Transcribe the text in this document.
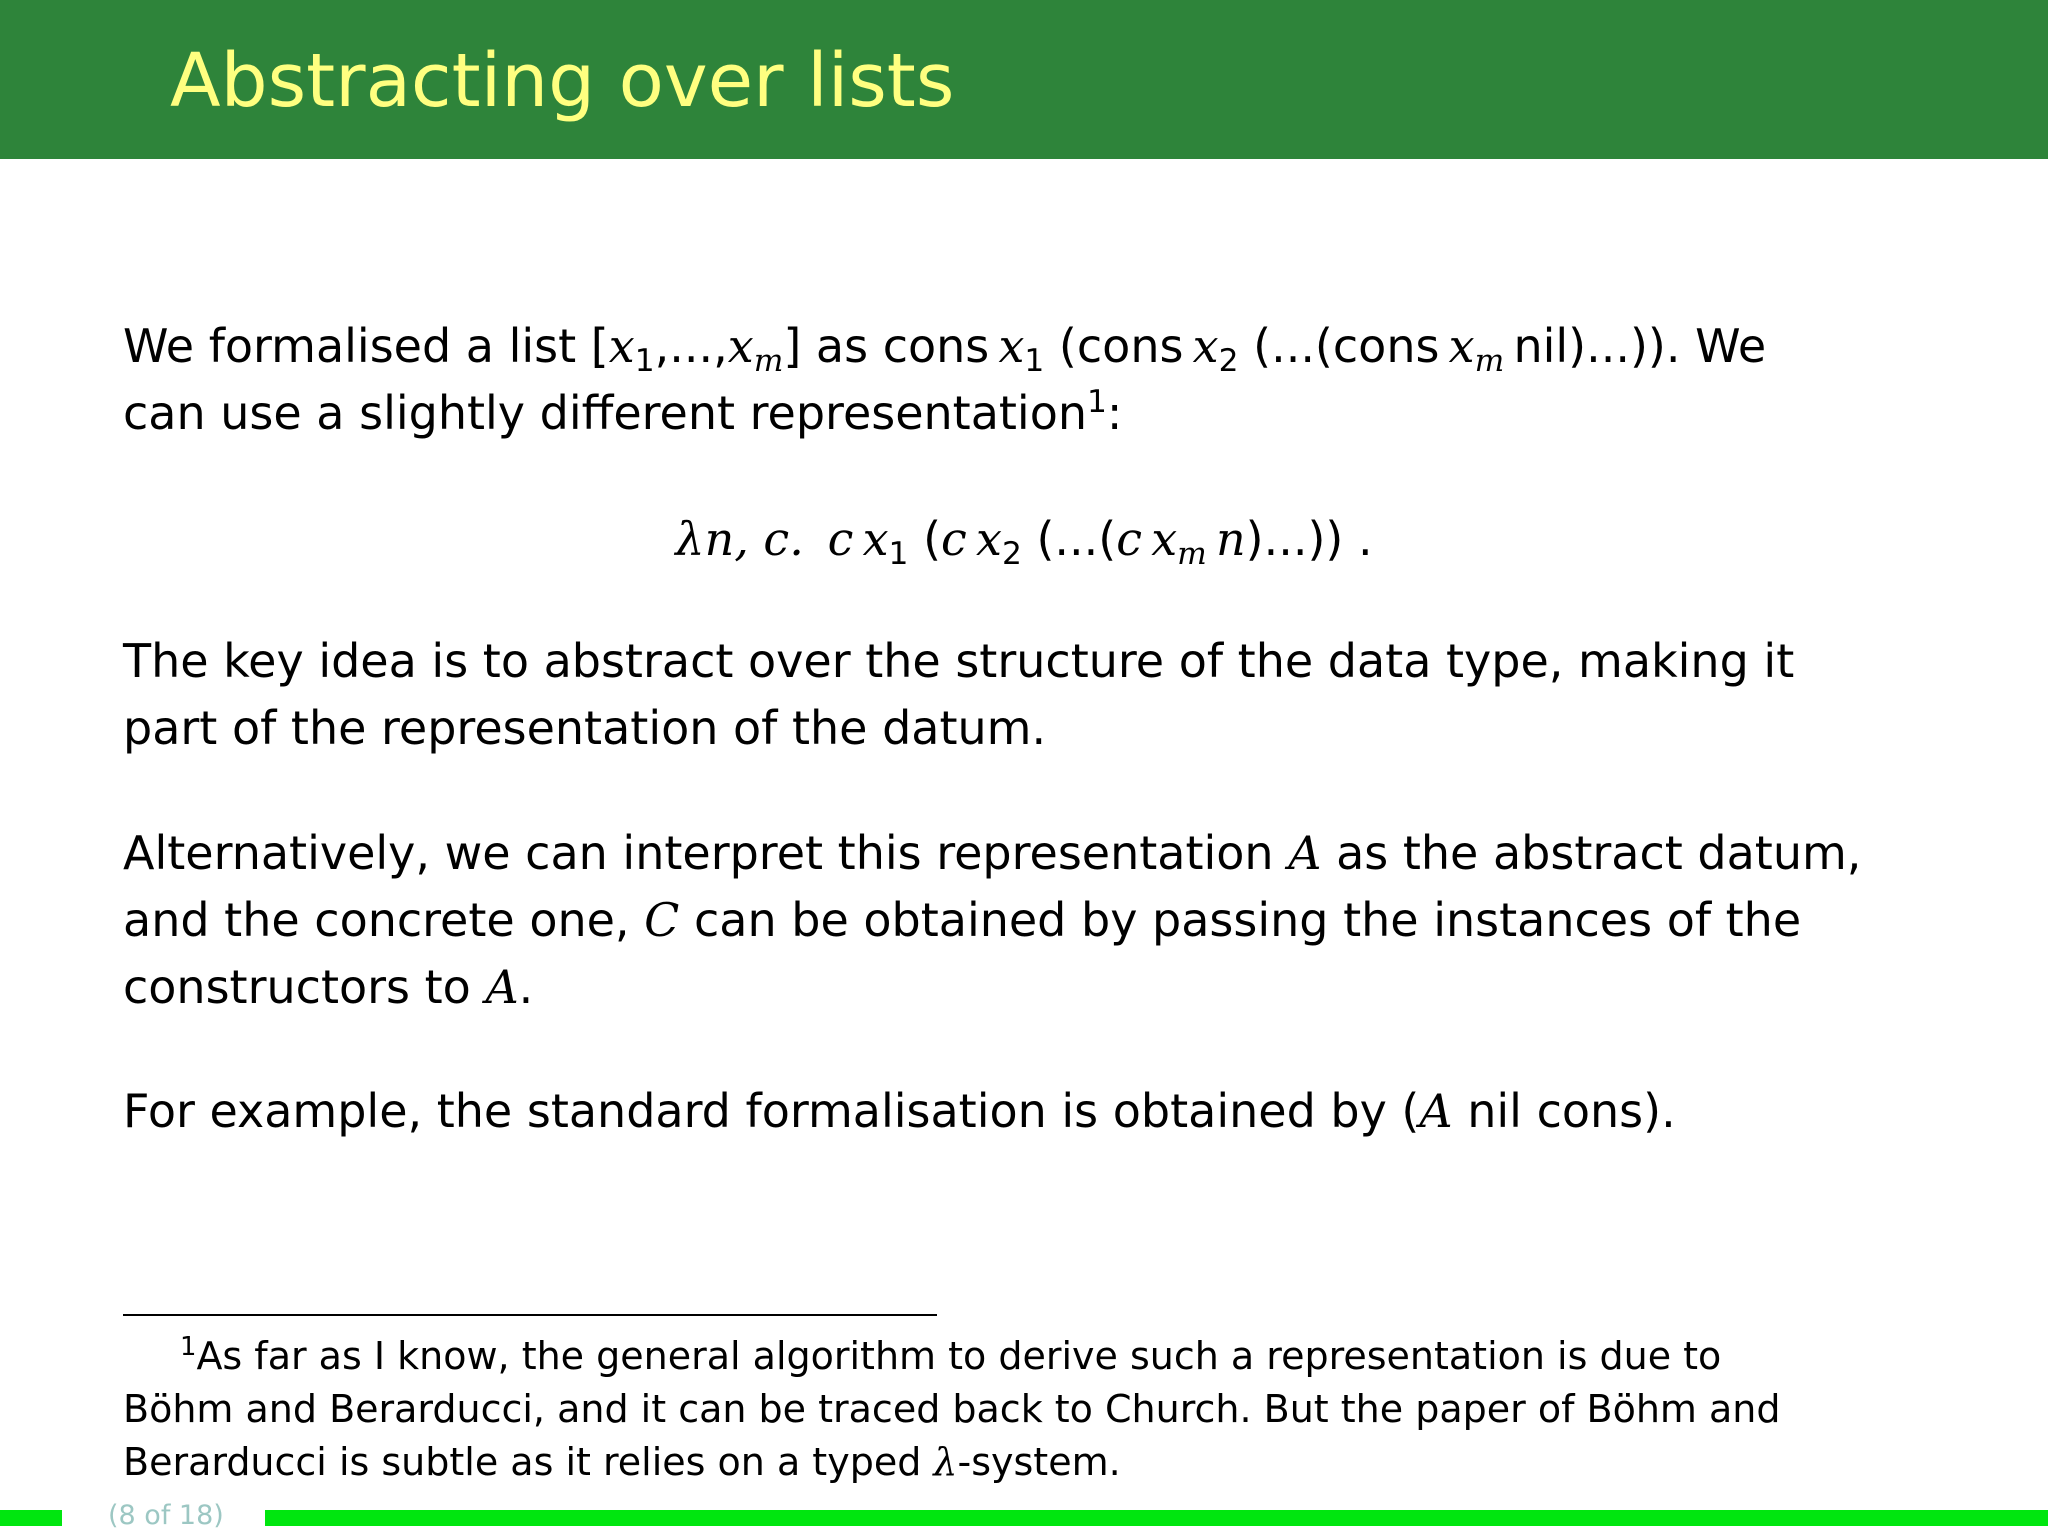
Abstracting over lists
We formalised a list $[x_1,...,x_m]$ as cons  $x_1$ (cons  $x_2$ (...(cons  $x_m$  nil)...)). We
can use a slightly different representation$^1$:
λn, c.  c  $x_1$ (c  $x_2$ (...(c  $x_m$  n)...)) .
The key idea is to abstract over the structure of the data type, making it
part of the representation of the datum.
Alternatively, we can interpret this representation A as the abstract datum,
and the concrete one, C can be obtained by passing the instances of the
constructors to A.
For example, the standard formalisation is obtained by (A nil cons).
$^1$As far as I know, the general algorithm to derive such a representation is due to
Böhm and Berarducci, and it can be traced back to Church. But the paper of Böhm and
Berarducci is subtle as it relies on a typed λ-system.
(8 of 18)
